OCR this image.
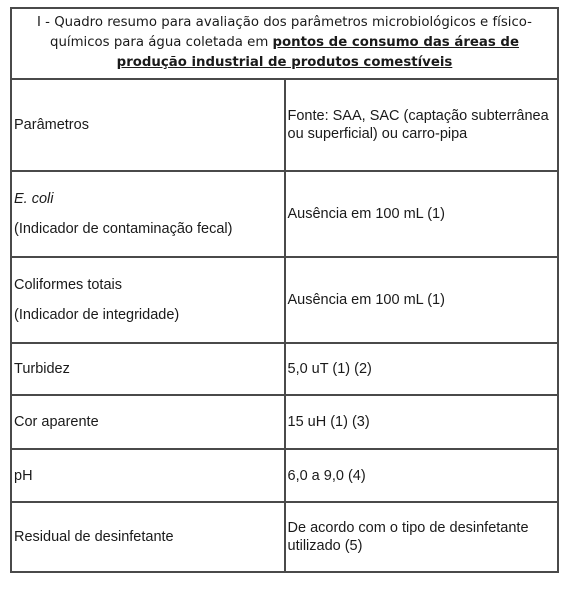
I - Quadro resumo para avaliação dos parâmetros microbiológicos e físico-químicos para água coletada em pontos de consumo das áreas de produção industrial de produtos comestíveis	
Parâmetros	Fonte: SAA, SAC (captação subterrânea ou superficial) ou carro-pipa
E. coli
(Indicador de contaminação fecal)	Ausência em 100 mL (1)
Coliformes totais
(Indicador de integridade)	Ausência em 100 mL (1)
Turbidez	5,0 uT (1) (2)
Cor aparente	15 uH (1) (3)
pH	6,0 a 9,0 (4)
Residual de desinfetante	De acordo com o tipo de desinfetante utilizado (5)
